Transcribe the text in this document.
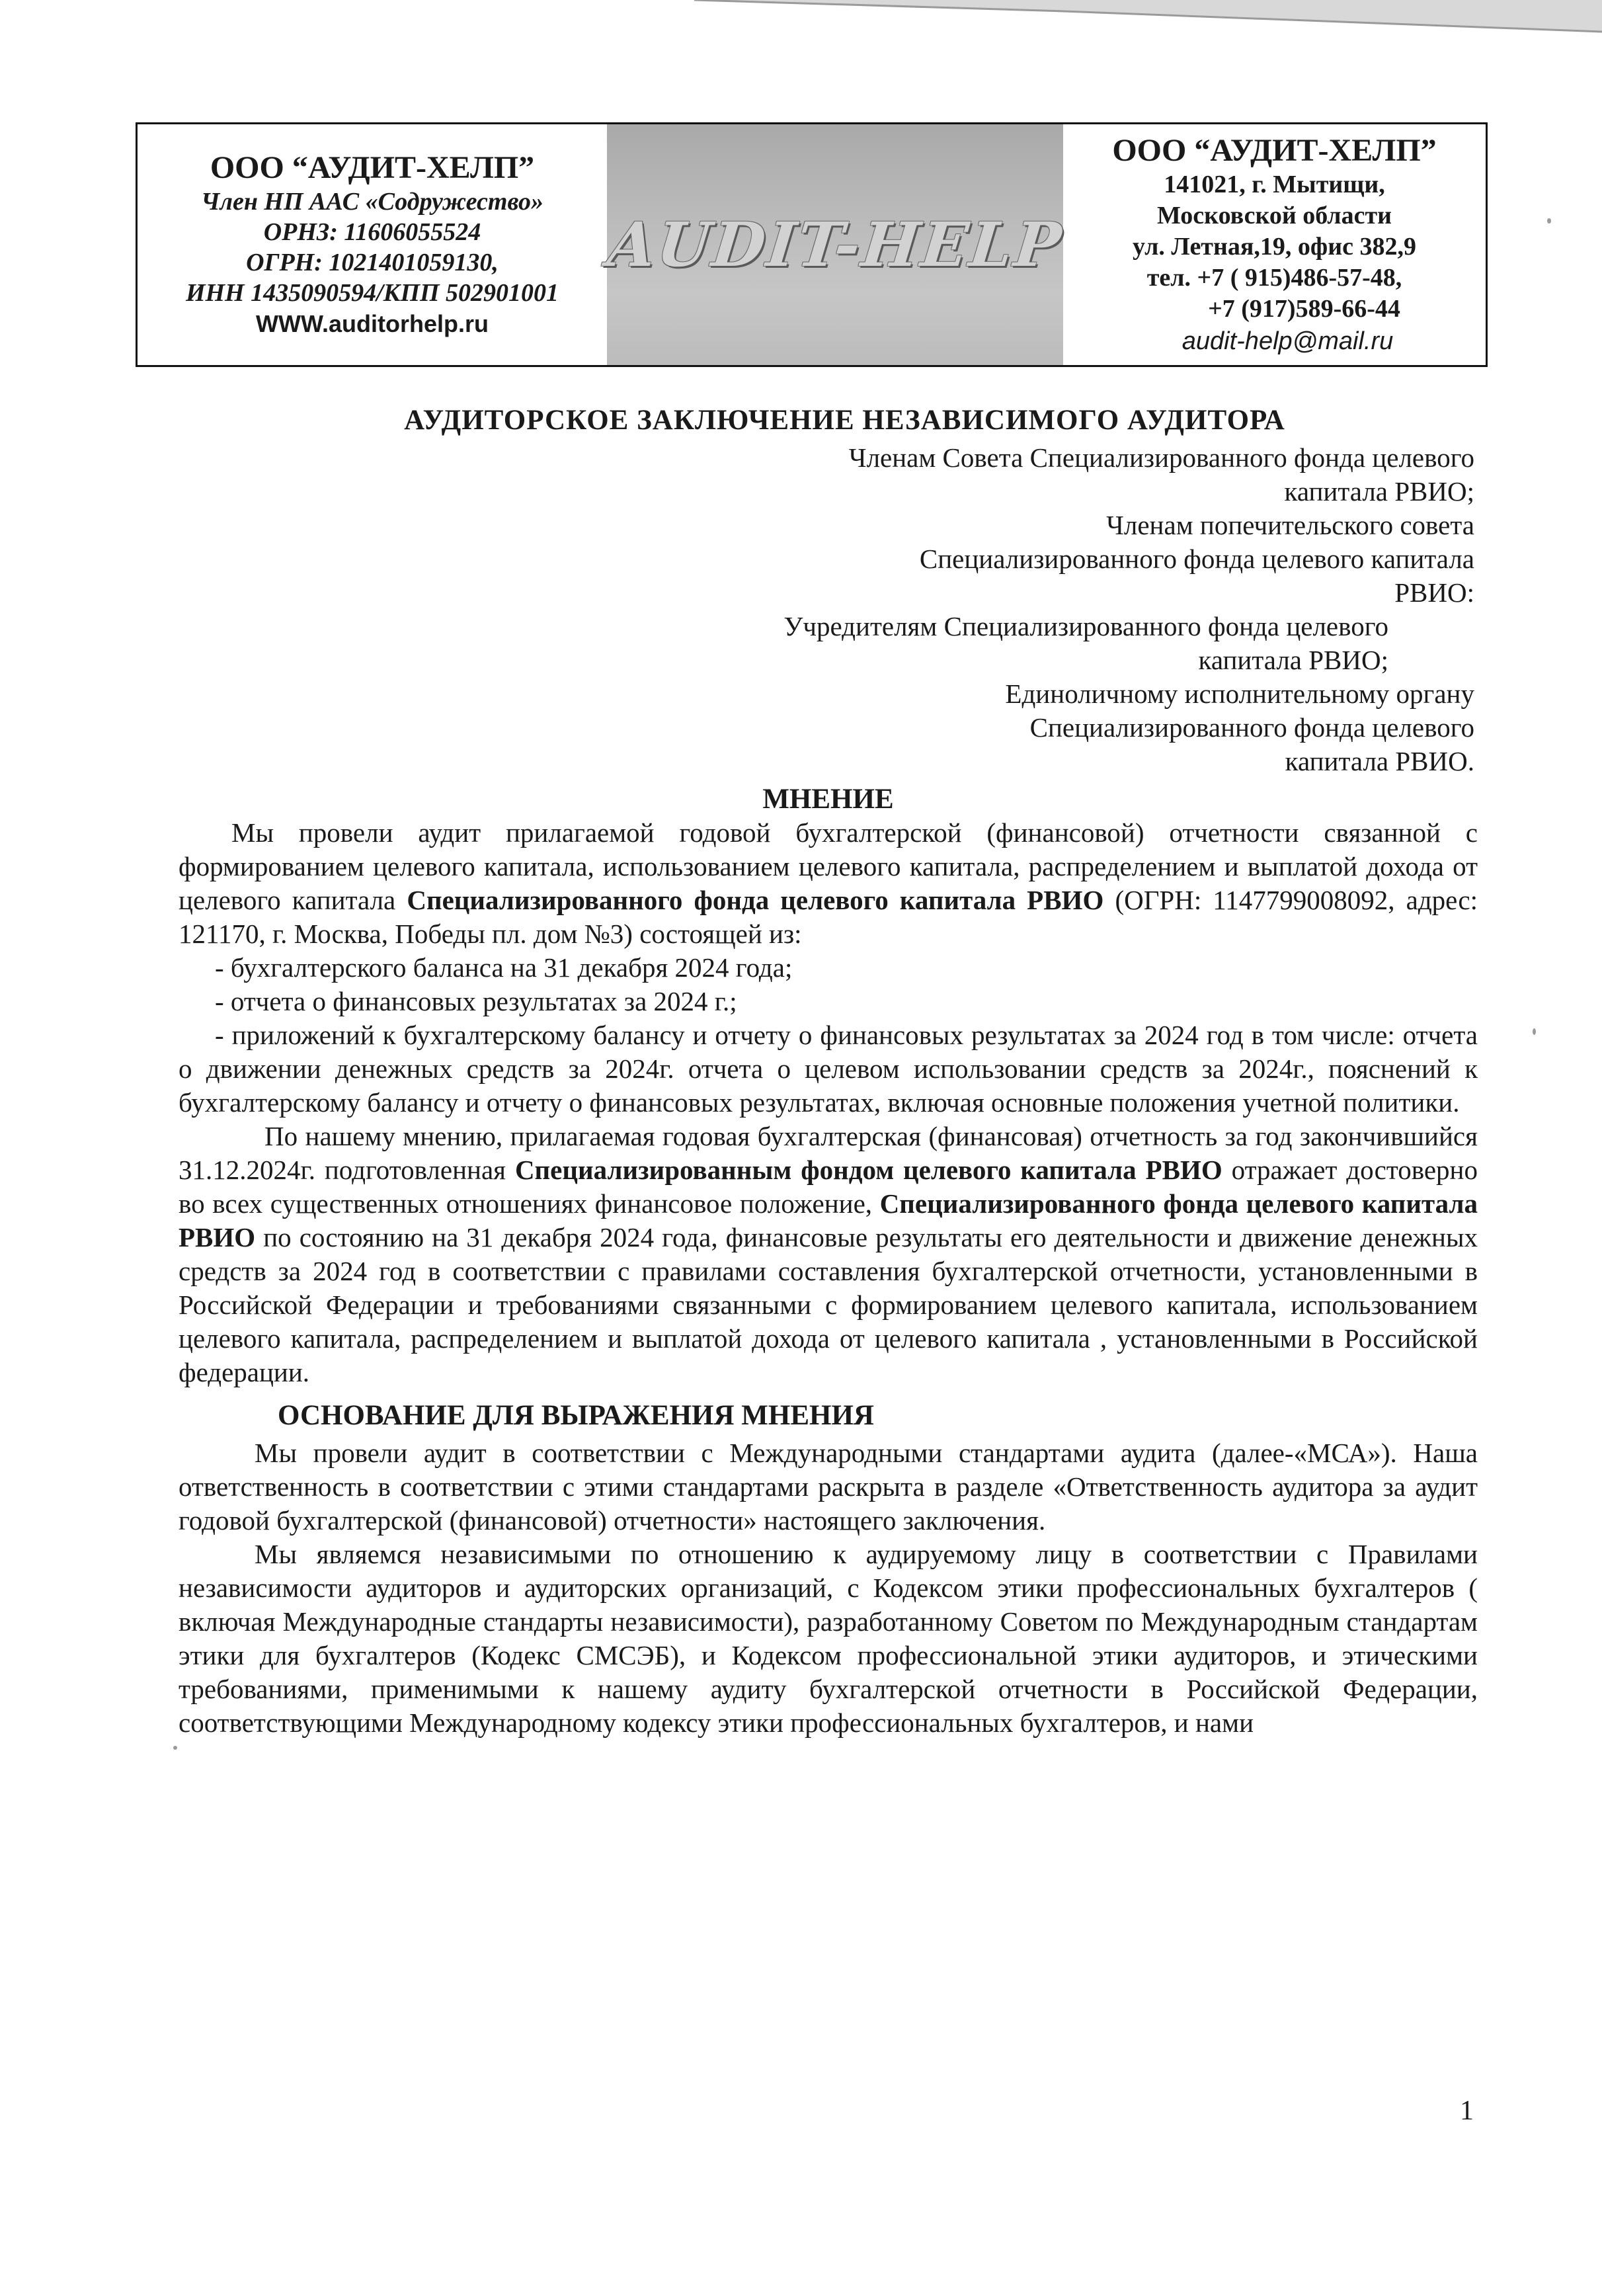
ООО “АУДИТ-ХЕЛП”
Член НП ААС «Содружество»
ОРНЗ: 11606055524
ОГРН: 1021401059130,
ИНН 1435090594/КПП 502901001
WWW.auditorhelp.ru
AUDIT-HELP
ООО “АУДИТ-ХЕЛП”
141021, г. Мытищи,
Московской области
ул. Летная,19, офис 382,9
тел. +7 ( 915)486-57-48,
+7 (917)589-66-44
audit-help@mail.ru
АУДИТОРСКОЕ ЗАКЛЮЧЕНИЕ НЕЗАВИСИМОГО АУДИТОРА
Членам Совета Специализированного фонда целевого
капитала РВИО;
Членам попечительского совета
Специализированного фонда целевого капитала
РВИО:
Учредителям Специализированного фонда целевого
капитала РВИО;
Единоличному исполнительному органу
Специализированного фонда целевого
капитала РВИО.
МНЕНИЕ

Мы провели аудит прилагаемой годовой бухгалтерской (финансовой) отчетности связанной с формированием целевого капитала, использованием целевого капитала, распределением и выплатой дохода от целевого капитала Специализированного фонда целевого капитала РВИО (ОГРН: 1147799008092, адрес: 121170, г. Москва, Победы пл. дом №3) состоящей из:

- бухгалтерского баланса на 31 декабря 2024 года;

- отчета о финансовых результатах за 2024 г.;

- приложений к бухгалтерскому балансу и отчету о финансовых результатах за 2024 год в том числе: отчета о движении денежных средств за 2024г. отчета о целевом использовании средств за 2024г., пояснений к бухгалтерскому балансу и отчету о финансовых результатах, включая основные положения учетной политики.

По нашему мнению, прилагаемая годовая бухгалтерская (финансовая) отчетность за год закончившийся 31.12.2024г. подготовленная Специализированным фондом целевого капитала РВИО отражает достоверно во всех существенных отношениях финансовое положение, Специализированного фонда целевого капитала РВИО по состоянию на 31 декабря 2024 года, финансовые результаты его деятельности и движение денежных средств за 2024 год в соответствии с правилами составления бухгалтерской отчетности, установленными в Российской Федерации и требованиями связанными с формированием целевого капитала, использованием целевого капитала, распределением и выплатой дохода от целевого капитала , установленными в Российской федерации.

ОСНОВАНИЕ ДЛЯ ВЫРАЖЕНИЯ МНЕНИЯ

Мы провели аудит в соответствии с Международными стандартами аудита (далее-«МСА»). Наша ответственность в соответствии с этими стандартами раскрыта в разделе «Ответственность аудитора за аудит годовой бухгалтерской (финансовой) отчетности» настоящего заключения.

Мы являемся независимыми по отношению к аудируемому лицу в соответствии с Правилами независимости аудиторов и аудиторских организаций, с Кодексом этики профессиональных бухгалтеров ( включая Международные стандарты независимости), разработанному Советом по Международным стандартам этики для бухгалтеров (Кодекс СМСЭБ), и Кодексом профессиональной этики аудиторов, и этическими требованиями, применимыми к нашему аудиту бухгалтерской отчетности в Российской Федерации, соответствующими Международному кодексу этики профессиональных бухгалтеров, и нами

1
